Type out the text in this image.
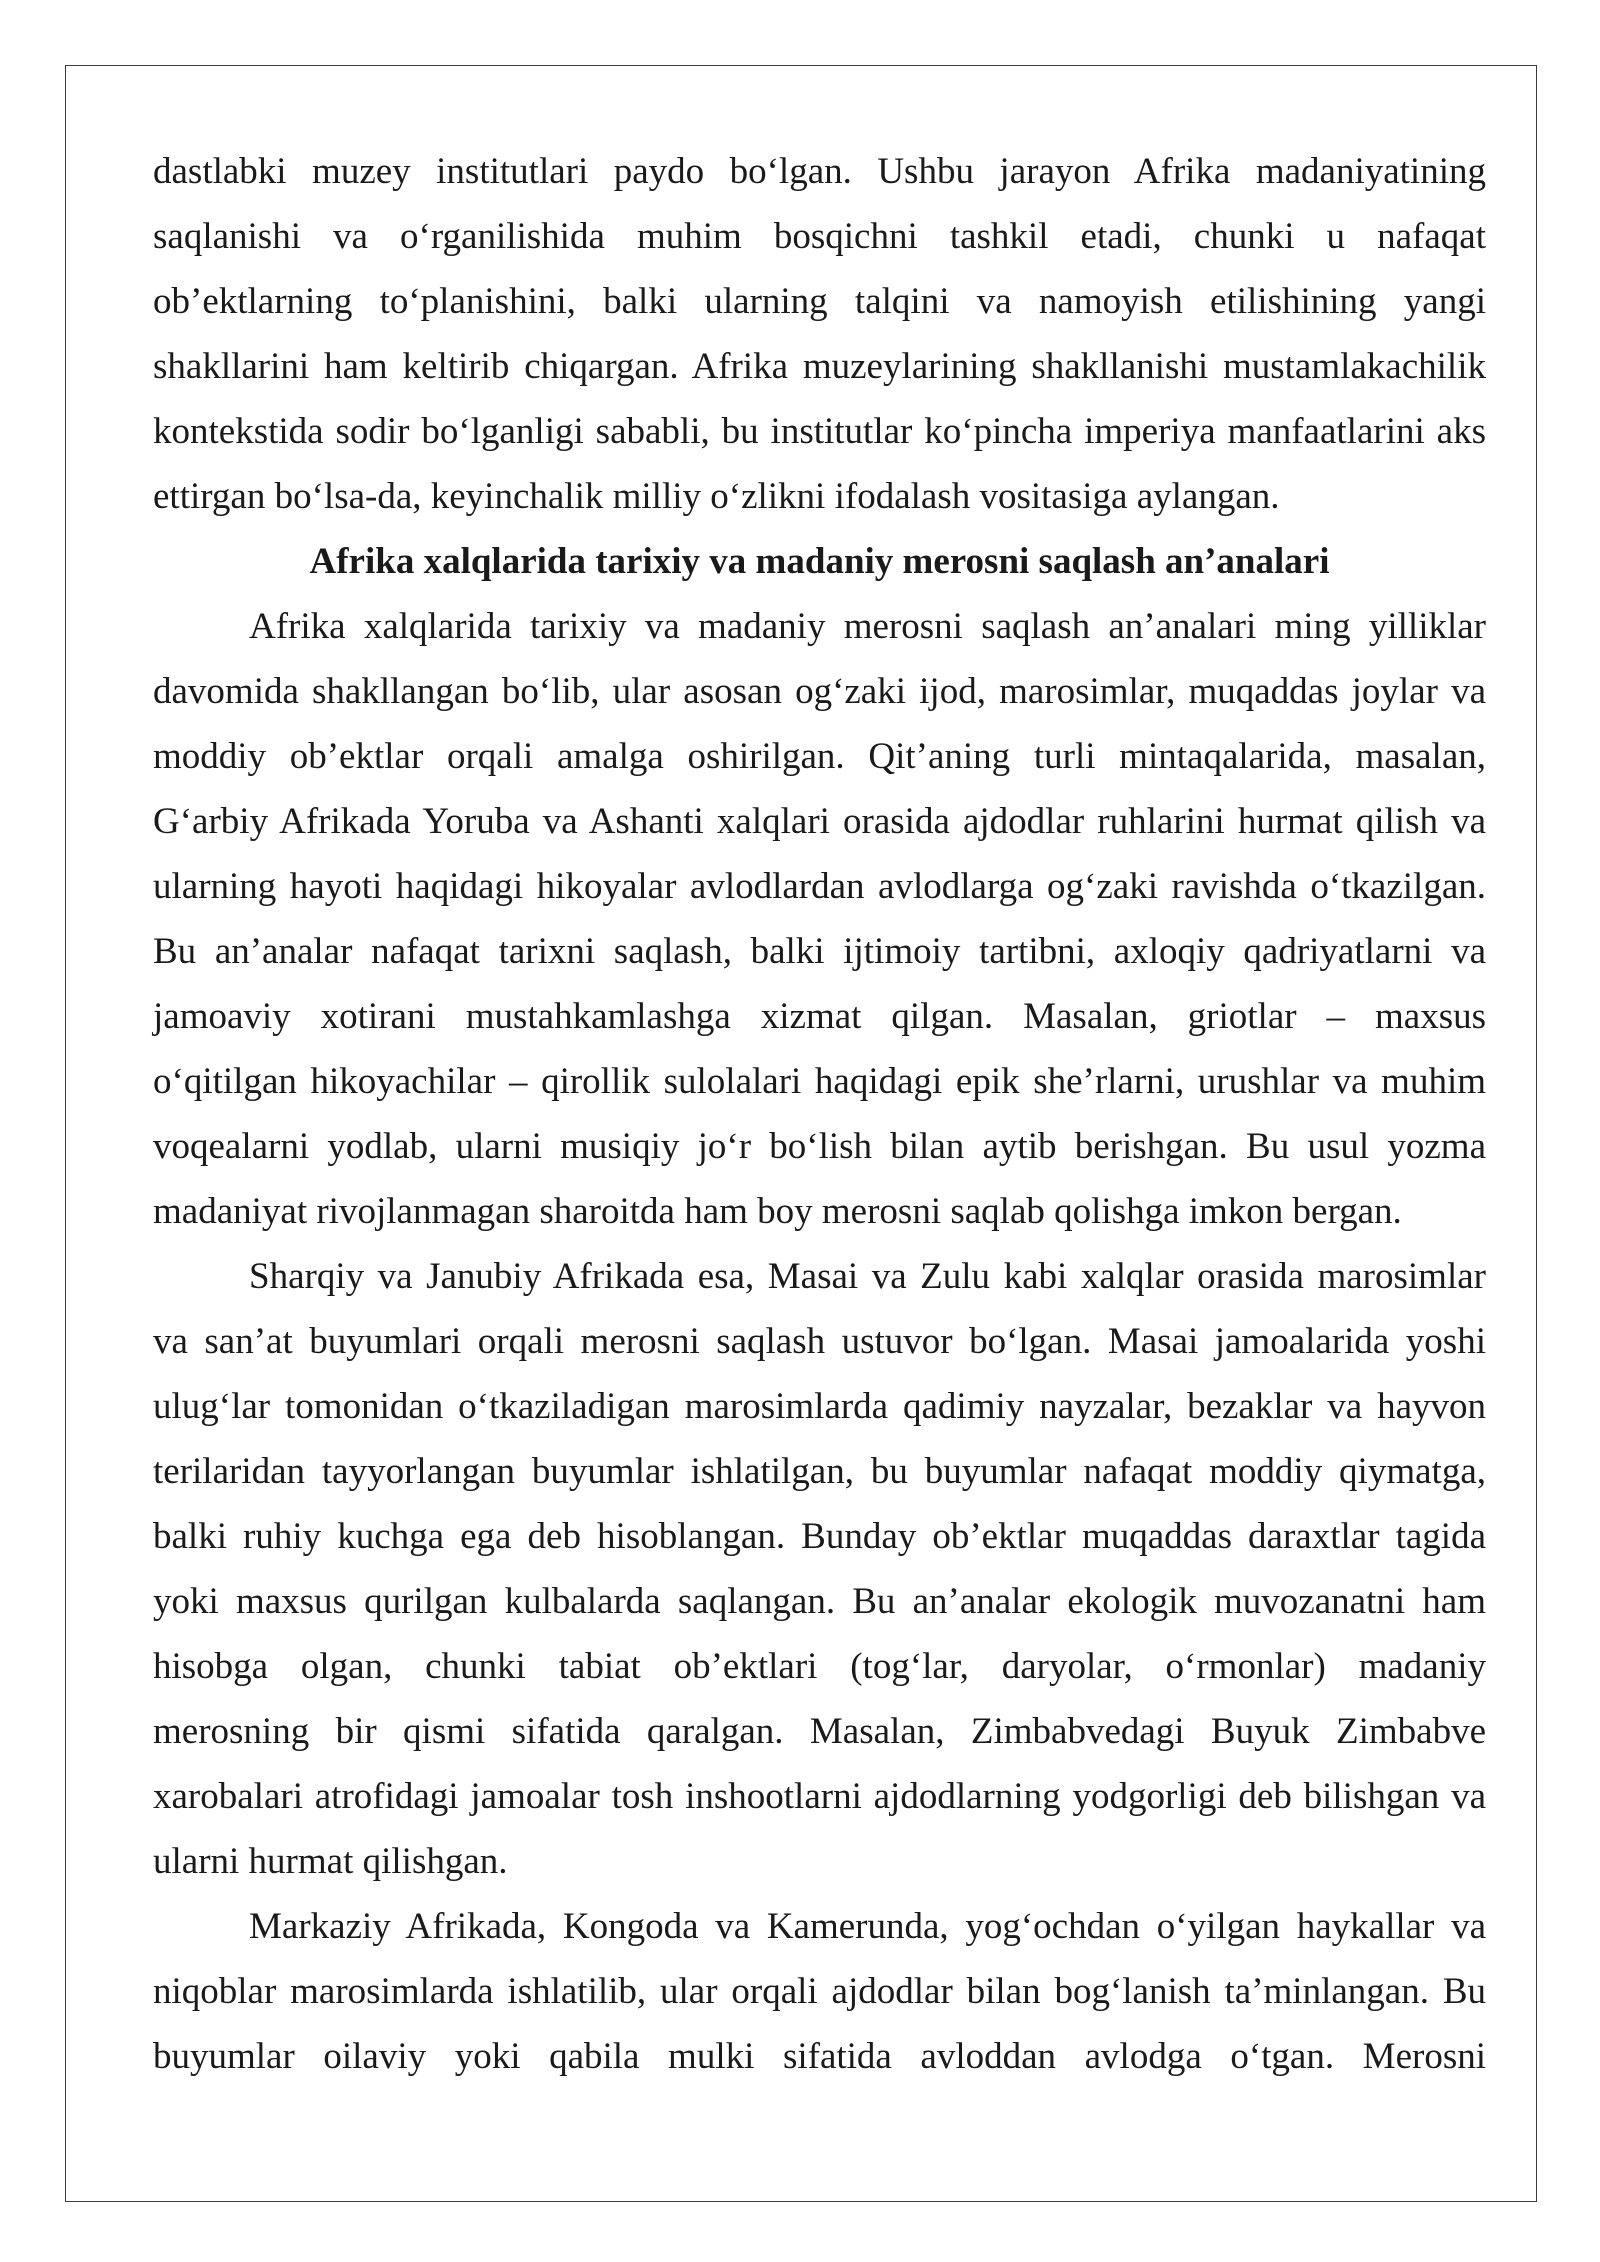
dastlabki muzey institutlari paydo bo‘lgan. Ushbu jarayon Afrika madaniyatining
saqlanishi va o‘rganilishida muhim bosqichni tashkil etadi, chunki u nafaqat
ob’ektlarning to‘planishini, balki ularning talqini va namoyish etilishining yangi
shakllarini ham keltirib chiqargan. Afrika muzeylarining shakllanishi mustamlakachilik
kontekstida sodir bo‘lganligi sababli, bu institutlar ko‘pincha imperiya manfaatlarini aks
ettirgan bo‘lsa-da, keyinchalik milliy o‘zlikni ifodalash vositasiga aylangan.
Afrika xalqlarida tarixiy va madaniy merosni saqlash an’analari
Afrika xalqlarida tarixiy va madaniy merosni saqlash an’analari ming yilliklar
davomida shakllangan bo‘lib, ular asosan og‘zaki ijod, marosimlar, muqaddas joylar va
moddiy ob’ektlar orqali amalga oshirilgan. Qit’aning turli mintaqalarida, masalan,
G‘arbiy Afrikada Yoruba va Ashanti xalqlari orasida ajdodlar ruhlarini hurmat qilish va
ularning hayoti haqidagi hikoyalar avlodlardan avlodlarga og‘zaki ravishda o‘tkazilgan.
Bu an’analar nafaqat tarixni saqlash, balki ijtimoiy tartibni, axloqiy qadriyatlarni va
jamoaviy xotirani mustahkamlashga xizmat qilgan. Masalan, griotlar – maxsus
o‘qitilgan hikoyachilar – qirollik sulolalari haqidagi epik she’rlarni, urushlar va muhim
voqealarni yodlab, ularni musiqiy jo‘r bo‘lish bilan aytib berishgan. Bu usul yozma
madaniyat rivojlanmagan sharoitda ham boy merosni saqlab qolishga imkon bergan.
Sharqiy va Janubiy Afrikada esa, Masai va Zulu kabi xalqlar orasida marosimlar
va san’at buyumlari orqali merosni saqlash ustuvor bo‘lgan. Masai jamoalarida yoshi
ulug‘lar tomonidan o‘tkaziladigan marosimlarda qadimiy nayzalar, bezaklar va hayvon
terilaridan tayyorlangan buyumlar ishlatilgan, bu buyumlar nafaqat moddiy qiymatga,
balki ruhiy kuchga ega deb hisoblangan. Bunday ob’ektlar muqaddas daraxtlar tagida
yoki maxsus qurilgan kulbalarda saqlangan. Bu an’analar ekologik muvozanatni ham
hisobga olgan, chunki tabiat ob’ektlari (tog‘lar, daryolar, o‘rmonlar) madaniy
merosning bir qismi sifatida qaralgan. Masalan, Zimbabvedagi Buyuk Zimbabve
xarobalari atrofidagi jamoalar tosh inshootlarni ajdodlarning yodgorligi deb bilishgan va
ularni hurmat qilishgan.
Markaziy Afrikada, Kongoda va Kamerunda, yog‘ochdan o‘yilgan haykallar va
niqoblar marosimlarda ishlatilib, ular orqali ajdodlar bilan bog‘lanish ta’minlangan. Bu
buyumlar oilaviy yoki qabila mulki sifatida avloddan avlodga o‘tgan. Merosni
